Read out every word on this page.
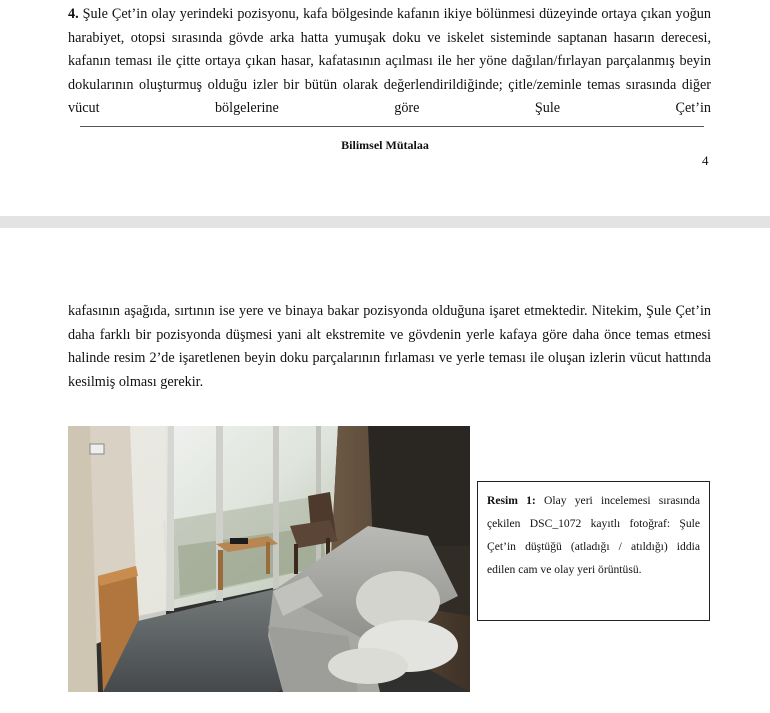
4. Şule Çet’in olay yerindeki pozisyonu, kafa bölgesinde kafanın ikiye bölünmesi düzeyinde ortaya çıkan yoğun harabiyet, otopsi sırasında gövde arka hatta yumuşak doku ve iskelet sisteminde saptanan hasarın derecesi, kafanın teması ile çitte ortaya çıkan hasar, kafatasının açılması ile her yöne dağılan/fırlayan parçalanmış beyin dokularının oluşturmuş olduğu izler bir bütün olarak değerlendirildiğinde; çitle/zeminle temas sırasında diğer vücut bölgelerine göre Şule Çet’in

Bilimsel Mütalaa
4

kafasının aşağıda, sırtının ise yere ve binaya bakar pozisyonda olduğuna işaret etmektedir. Nitekim, Şule Çet’in daha farklı bir pozisyonda düşmesi yani alt ekstremite ve gövdenin yerle kafaya göre daha önce temas etmesi halinde resim 2’de işaretlenen beyin doku parçalarının fırlaması ve yerle teması ile oluşan izlerin vücut hattında kesilmiş olması gerekir.

Resim 1: Olay yeri incelemesi sırasında çekilen DSC_1072 kayıtlı fotoğraf: Şule Çet’in düştüğü (atladığı / atıldığı) iddia edilen cam ve olay yeri örüntüsü.
